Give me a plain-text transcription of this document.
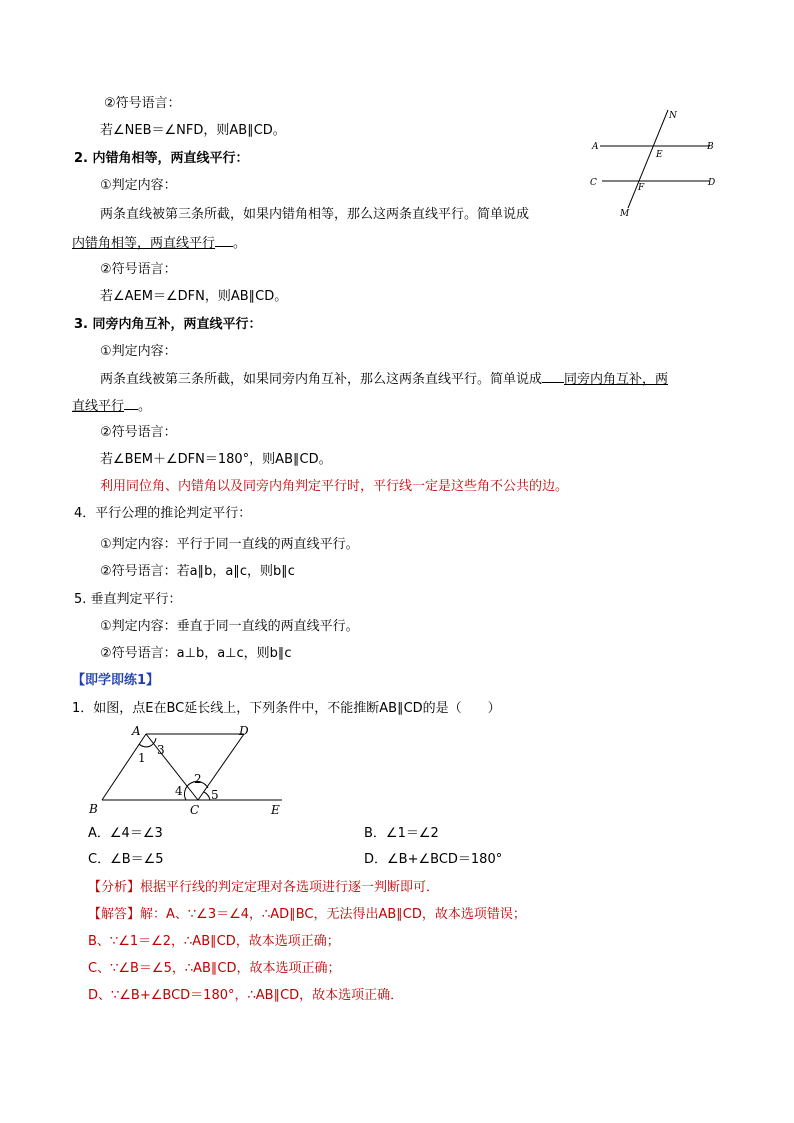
②符号语言：
若∠NEB＝∠NFD，则AB∥CD。
2. 内错角相等，两直线平行：
①判定内容：
两条直线被第三条所截，如果内错角相等，那么这两条直线平行。简单说成
内错角相等，两直线平行 。
②符号语言：
若∠AEM＝∠DFN，则AB∥CD。
3. 同旁内角互补，两直线平行：
①判定内容：
两条直线被第三条所截，如果同旁内角互补，那么这两条直线平行。简单说成 同旁内角互补，两
直线平行 。
②符号语言：
若∠BEM＋∠DFN＝180°，则AB∥CD。
利用同位角、内错角以及同旁内角判定平行时，平行线一定是这些角不公共的边。
4．平行公理的推论判定平行：
①判定内容：平行于同一直线的两直线平行。
②符号语言：若a∥b，a∥c，则b∥c
5. 垂直判定平行：
①判定内容：垂直于同一直线的两直线平行。
②符号语言：a⊥b，a⊥c，则b∥c
【即学即练1】
1．如图，点E在BC延长线上，下列条件中，不能推断AB∥CD的是（　　）
A．∠4＝∠3	B．∠1＝∠2
C．∠B＝∠5	D．∠B+∠BCD＝180°
【分析】根据平行线的判定定理对各选项进行逐一判断即可．
【解答】解：A、∵∠3＝∠4，∴AD∥BC，无法得出AB∥CD，故本选项错误；
B、∵∠1＝∠2，∴AB∥CD，故本选项正确；
C、∵∠B＝∠5，∴AB∥CD，故本选项正确；
D、∵∠B+∠BCD＝180°，∴AB∥CD，故本选项正确．
N
A
E
B
C	F	D
M
A	D
B	C	E
1
3
2
4 5
